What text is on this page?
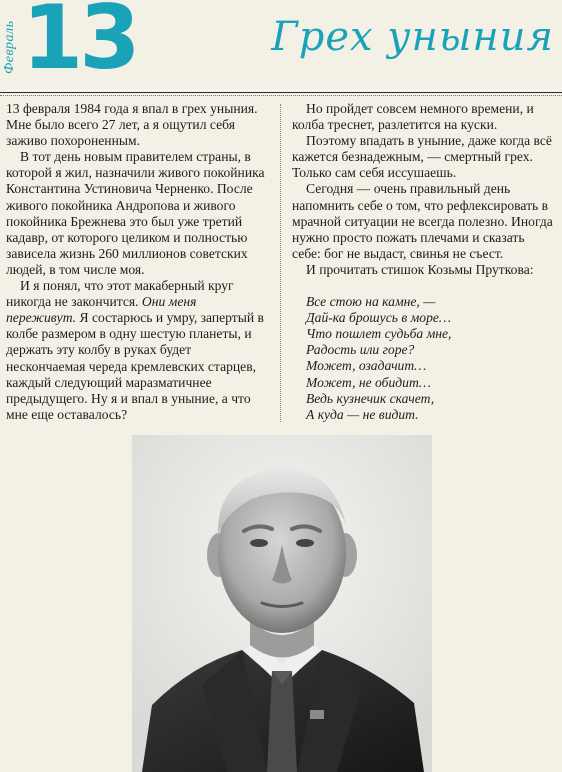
Февраль 13	Грех уныния

13 февраля 1984 года я впал в грех уныния. Мне было всего 27 лет, а я ощутил себя заживо похороненным.

В тот день новым правителем страны, в которой я жил, назначили живого покойника Константина Устиновича Черненко. После живого покойника Андропова и живого покойника Брежнева это был уже третий кадавр, от которого целиком и полностью зависела жизнь 260 миллионов советских людей, в том числе моя.

И я понял, что этот макаберный круг никогда не закончится. Они меня переживут. Я состарюсь и умру, запертый в колбе размером в одну шестую планеты, и держать эту колбу в руках будет нескончаемая череда кремлевских старцев, каждый следующий маразматичнее предыдущего. Ну я и впал в уныние, а что мне еще оставалось?

Но пройдет совсем немного времени, и колба треснет, разлетится на куски.

Поэтому впадать в уныние, даже когда всё кажется безнадежным, — смертный грех. Только сам себя иссушаешь.

Сегодня — очень правильный день напомнить себе о том, что рефлексировать в мрачной ситуации не всегда полезно. Иногда нужно просто пожать плечами и сказать себе: бог не выдаст, свинья не съест.

И прочитать стишок Козьмы Пруткова:

Все стою на камне, —
Дай-ка брошусь в море…
Что пошлет судьба мне,
Радость или горе?
Может, озадачит…
Может, не обидит…
Ведь кузнечик скачет,
А куда — не видит.
